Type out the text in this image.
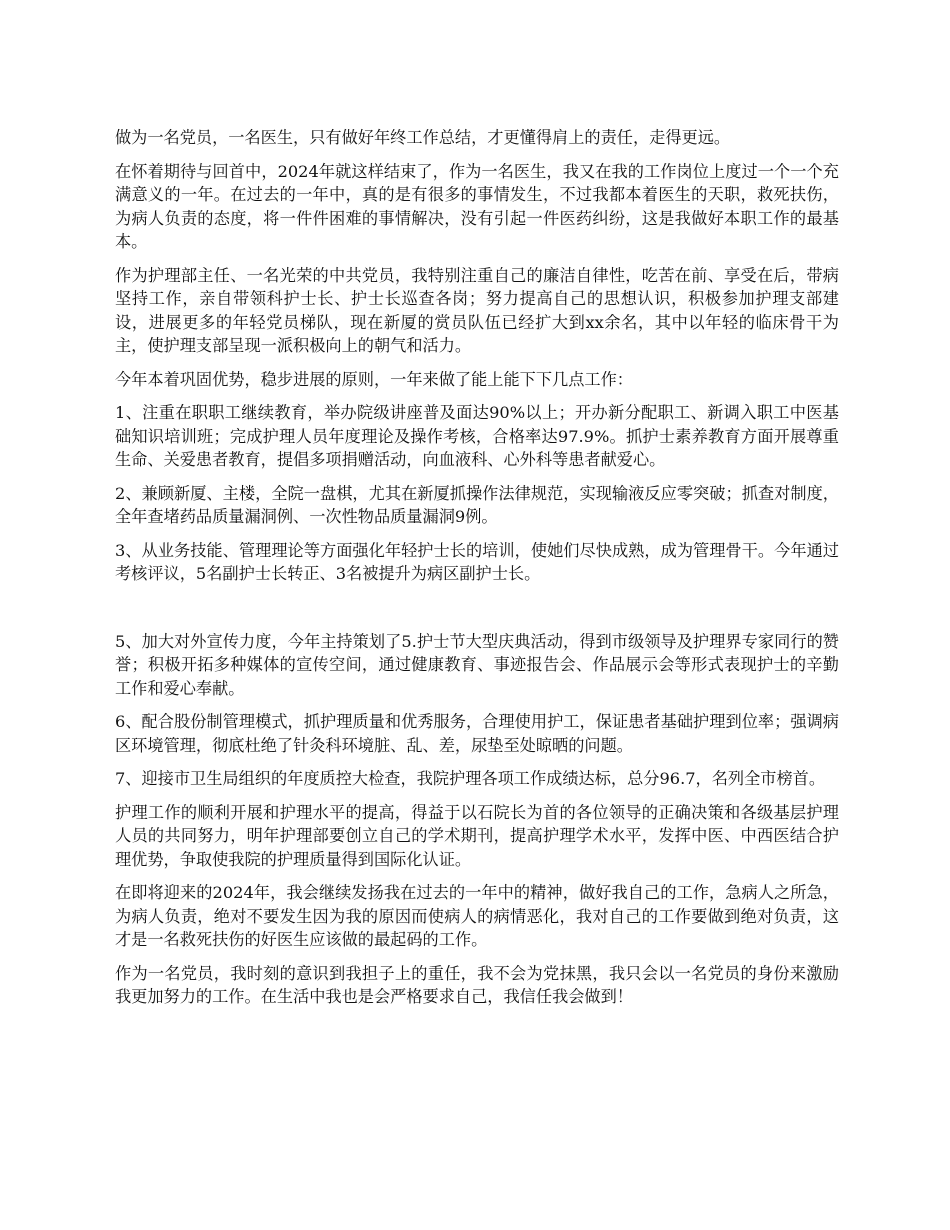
做为一名党员，一名医生，只有做好年终工作总结，才更懂得肩上的责任，走得更远。

在怀着期待与回首中，2024年就这样结束了，作为一名医生，我又在我的工作岗位上度过一个一个充满意义的一年。在过去的一年中，真的是有很多的事情发生，不过我都本着医生的天职，救死扶伤，为病人负责的态度，将一件件困难的事情解决，没有引起一件医药纠纷，这是我做好本职工作的最基本。

作为护理部主任、一名光荣的中共党员，我特别注重自己的廉洁自律性，吃苦在前、享受在后，带病坚持工作，亲自带领科护士长、护士长巡查各岗；努力提高自己的思想认识，积极参加护理支部建设，进展更多的年轻党员梯队，现在新厦的赏员队伍已经扩大到xx余名，其中以年轻的临床骨干为主，使护理支部呈现一派积极向上的朝气和活力。

今年本着巩固优势，稳步进展的原则，一年来做了能上能下下几点工作：

1、注重在职职工继续教育，举办院级讲座普及面达90%以上；开办新分配职工、新调入职工中医基础知识培训班；完成护理人员年度理论及操作考核，合格率达97.9%。抓护士素养教育方面开展尊重生命、关爱患者教育，提倡多项捐赠活动，向血液科、心外科等患者献爱心。

2、兼顾新厦、主楼，全院一盘棋，尤其在新厦抓操作法律规范，实现输液反应零突破；抓查对制度，全年查堵药品质量漏洞例、一次性物品质量漏洞9例。

3、从业务技能、管理理论等方面强化年轻护士长的培训，使她们尽快成熟，成为管理骨干。今年通过考核评议，5名副护士长转正、3名被提升为病区副护士长。

5、加大对外宣传力度，今年主持策划了5.护士节大型庆典活动，得到市级领导及护理界专家同行的赞誉；积极开拓多种媒体的宣传空间，通过健康教育、事迹报告会、作品展示会等形式表现护士的辛勤工作和爱心奉献。

6、配合股份制管理模式，抓护理质量和优秀服务，合理使用护工，保证患者基础护理到位率；强调病区环境管理，彻底杜绝了针灸科环境脏、乱、差，尿垫至处晾晒的问题。

7、迎接市卫生局组织的年度质控大检查，我院护理各项工作成绩达标，总分96.7，名列全市榜首。

护理工作的顺利开展和护理水平的提高，得益于以石院长为首的各位领导的正确决策和各级基层护理人员的共同努力，明年护理部要创立自己的学术期刊，提高护理学术水平，发挥中医、中西医结合护理优势，争取使我院的护理质量得到国际化认证。

在即将迎来的2024年，我会继续发扬我在过去的一年中的精神，做好我自己的工作，急病人之所急，为病人负责，绝对不要发生因为我的原因而使病人的病情恶化，我对自己的工作要做到绝对负责，这才是一名救死扶伤的好医生应该做的最起码的工作。

作为一名党员，我时刻的意识到我担子上的重任，我不会为党抹黑，我只会以一名党员的身份来激励我更加努力的工作。在生活中我也是会严格要求自己，我信任我会做到！
